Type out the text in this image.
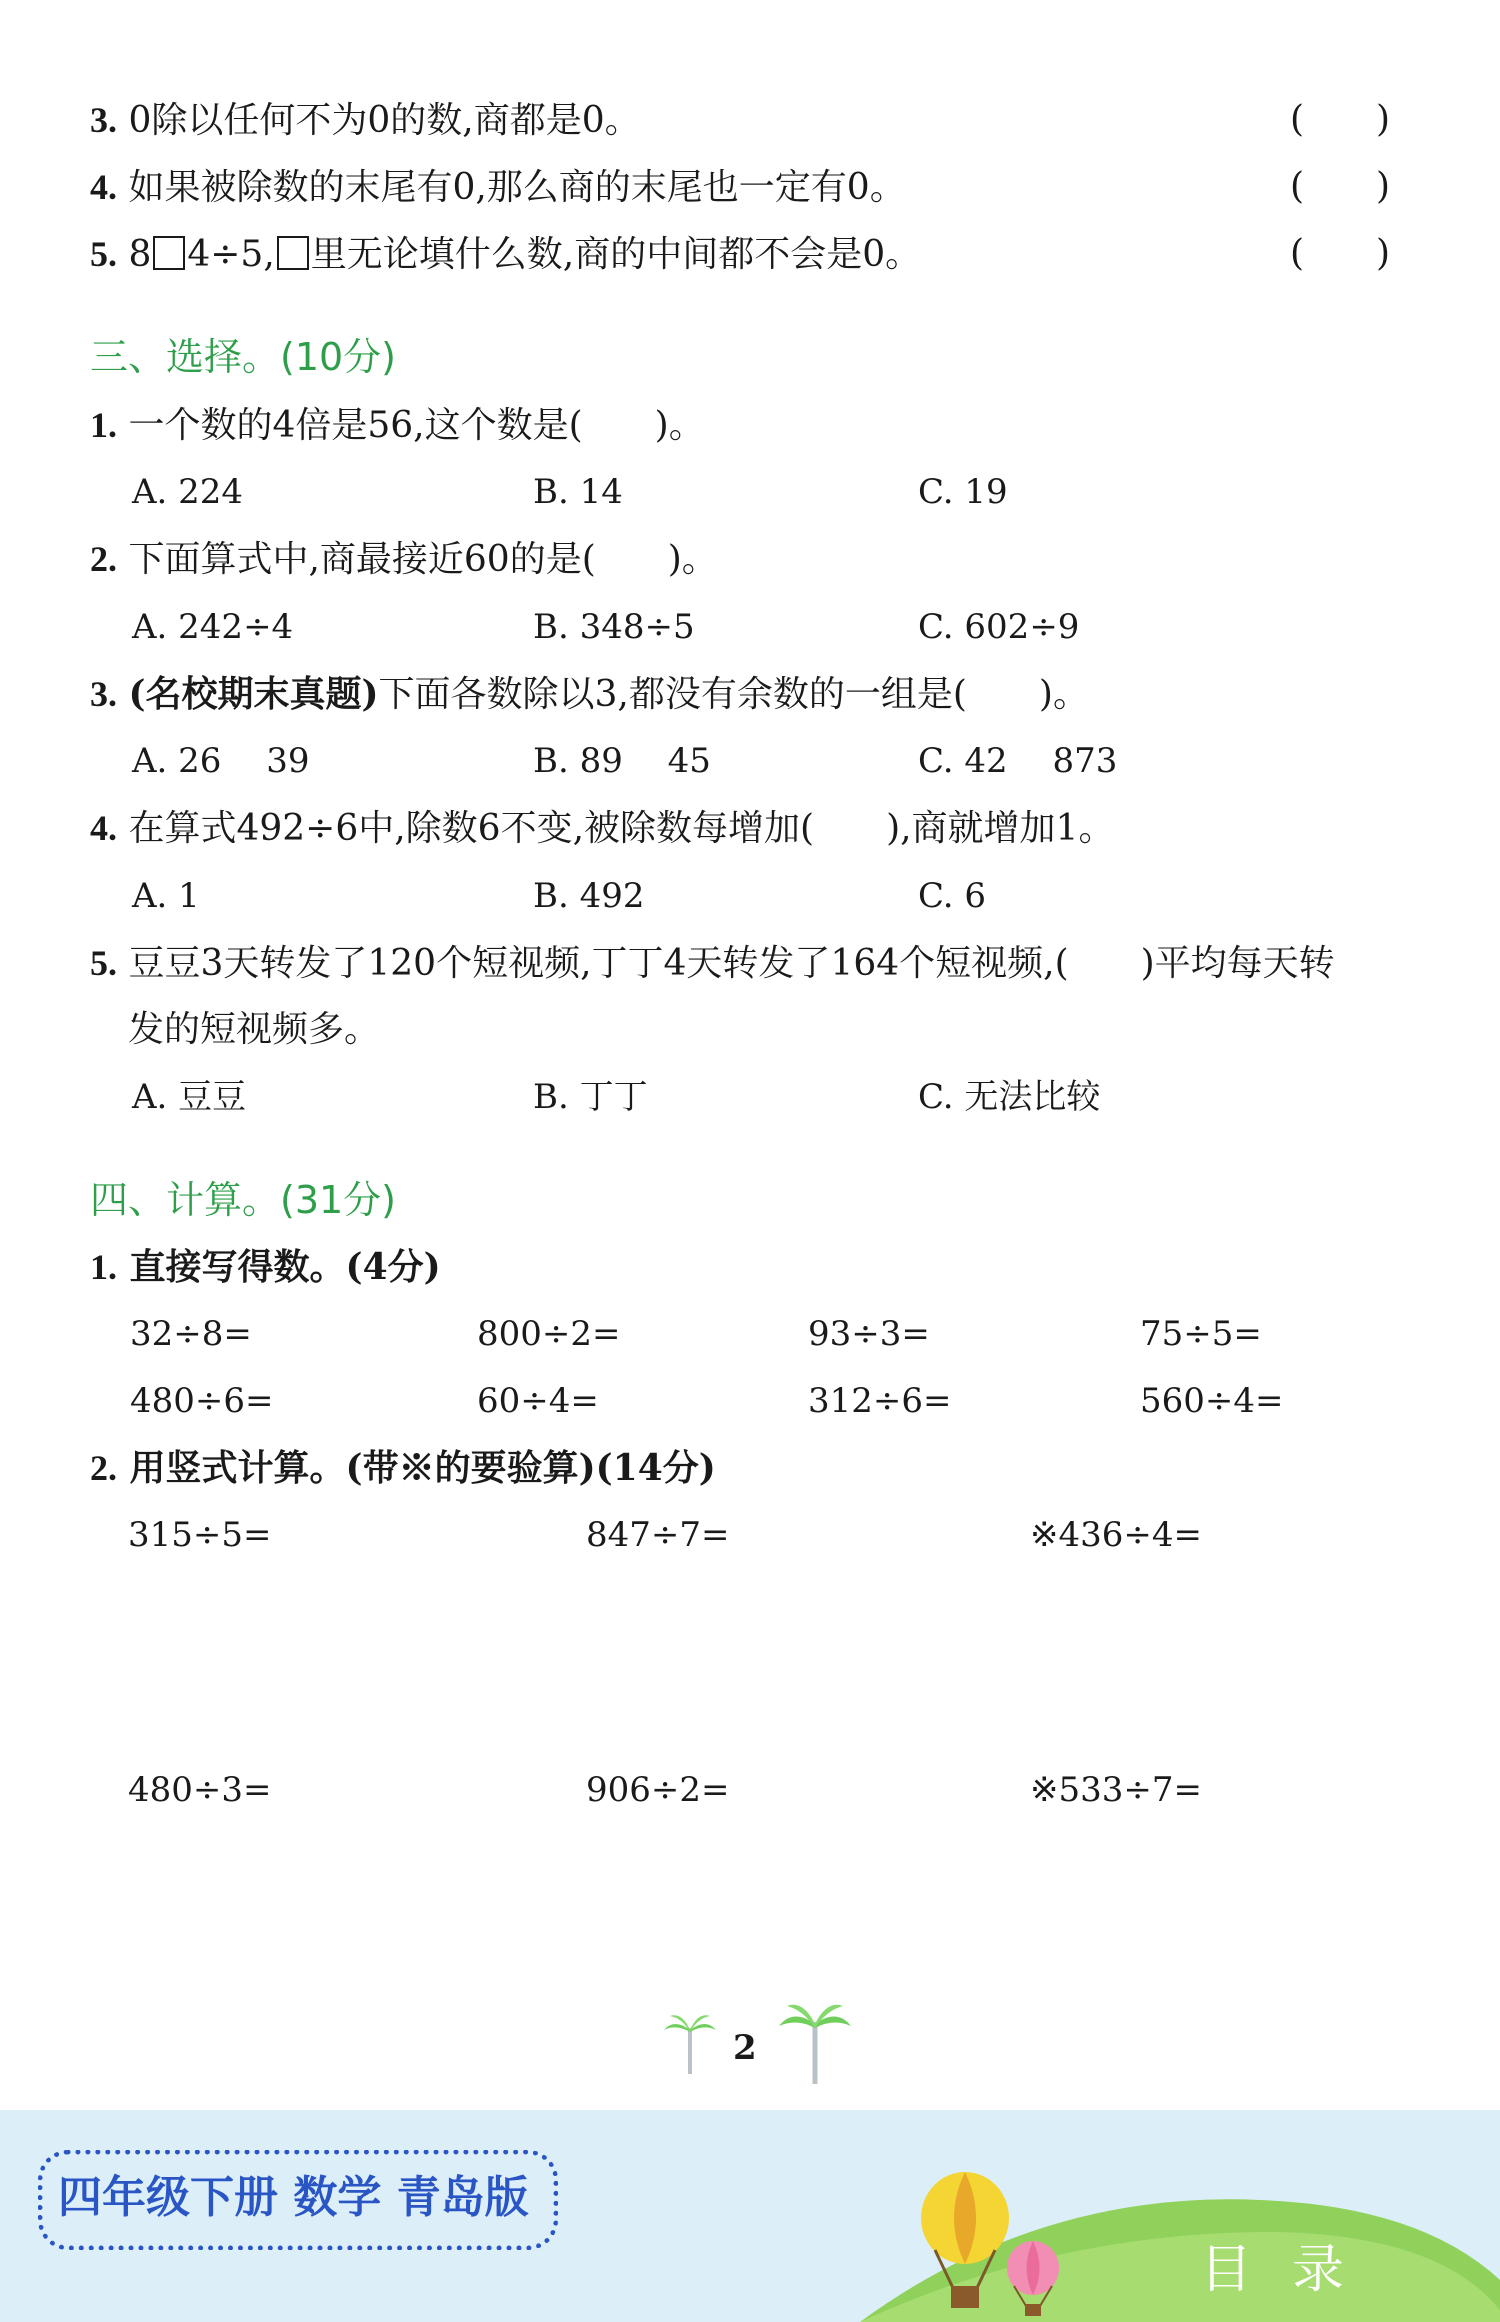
3. 0除以任何不为0的数,商都是0。	(　　)
4. 如果被除数的末尾有0,那么商的末尾也一定有0。	(　　)
5. 8 4÷5, 里无论填什么数,商的中间都不会是0。	(　　)
三、选择。(10分)
1. 一个数的4倍是56,这个数是(　　)。
A. 224	B. 14	C. 19
2. 下面算式中,商最接近60的是(　　)。
A. 242÷4	B. 348÷5	C. 602÷9
3. (名校期末真题)下面各数除以3,都没有余数的一组是(　　)。
A. 26　 39	B. 89　 45	C. 42　 873
4. 在算式492÷6中,除数6不变,被除数每增加(　　),商就增加1。
A. 1	B. 492	C. 6
5. 豆豆3天转发了120个短视频,丁丁4天转发了164个短视频,(　　)平均每天转
发的短视频多。
A. 豆豆	B. 丁丁	C. 无法比较
四、计算。(31分)
1. 直接写得数。(4分)
32÷8=	800÷2=	93÷3=	75÷5=
480÷6=	60÷4=	312÷6=	560÷4=
2. 用竖式计算。(带※的要验算)(14分)
315÷5=	847÷7=	※436÷4=
480÷3=	906÷2=	※533÷7=
2
四年级下册 数学 青岛版
目录
